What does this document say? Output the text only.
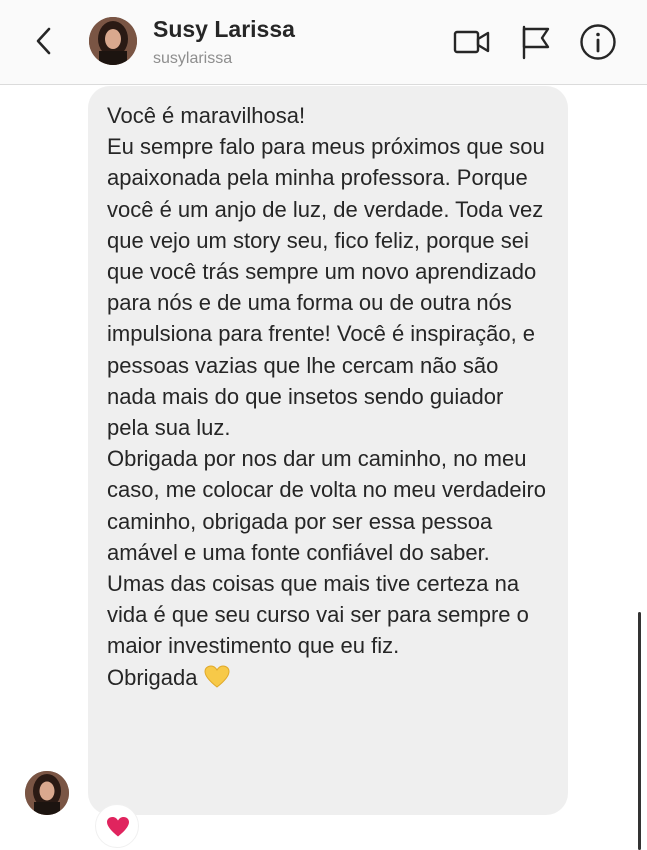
Susy Larissa
susylarissa

Você é maravilhosa!

Eu sempre falo para meus próximos que sou apaixonada pela minha professora. Porque você é um anjo de luz, de verdade. Toda vez que vejo um story seu, fico feliz, porque sei que você trás sempre um novo aprendizado para nós e de uma forma ou de outra nós impulsiona para frente! Você é inspiração, e pessoas vazias que lhe cercam não são nada mais do que insetos sendo guiador pela sua luz.

Obrigada por nos dar um caminho, no meu caso, me colocar de volta no meu verdadeiro caminho, obrigada por ser essa pessoa amável e uma fonte confiável do saber. Umas das coisas que mais tive certeza na vida é que seu curso vai ser para sempre o maior investimento que eu fiz.

Obrigada
